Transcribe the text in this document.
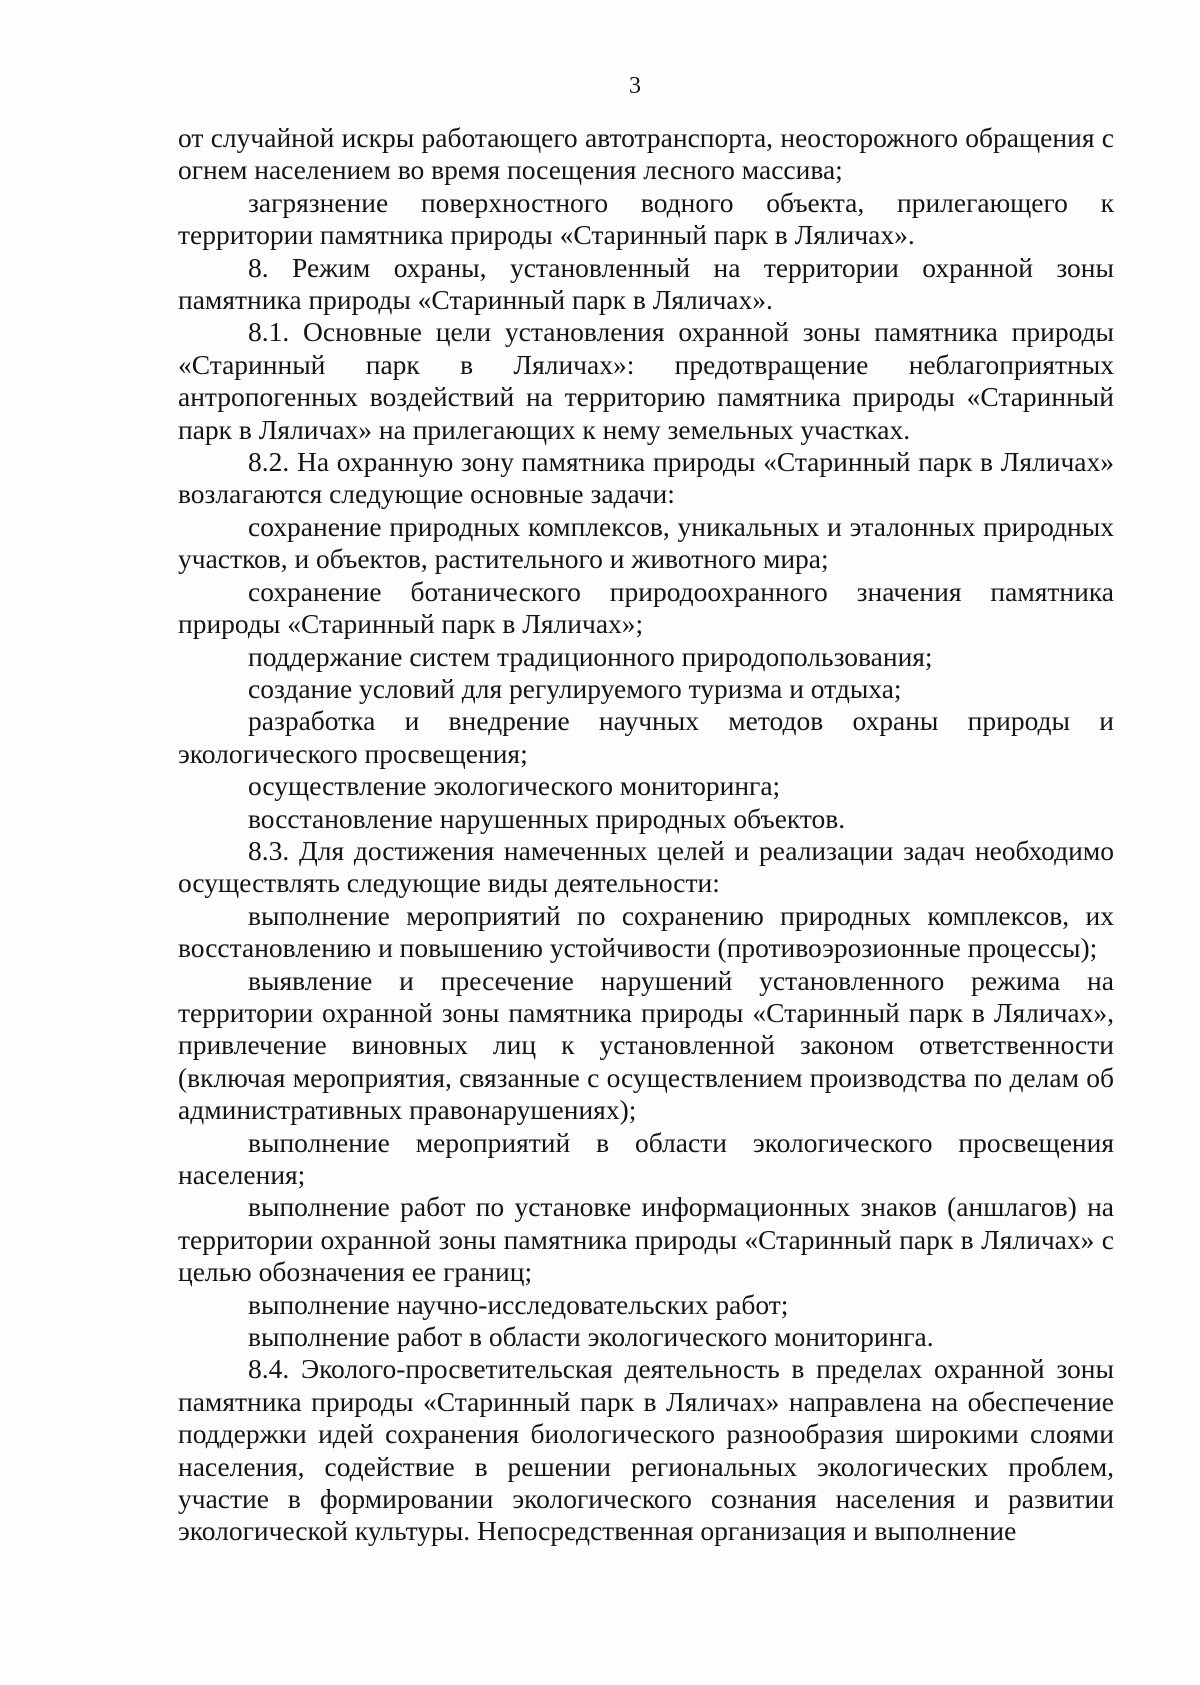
3

от случайной искры работающего автотранспорта, неосторожного обращения с огнем населением во время посещения лесного массива;

загрязнение поверхностного водного объекта, прилегающего к территории памятника природы «Старинный парк в Ляличах».

8. Режим охраны, установленный на территории охранной зоны памятника природы «Старинный парк в Ляличах».

8.1. Основные цели установления охранной зоны памятника природы «Старинный парк в Ляличах»: предотвращение неблагоприятных антропогенных воздействий на территорию памятника природы «Старинный парк в Ляличах» на прилегающих к нему земельных участках.

8.2. На охранную зону памятника природы «Старинный парк в Ляличах» возлагаются следующие основные задачи:

сохранение природных комплексов, уникальных и эталонных природных участков, и объектов, растительного и животного мира;

сохранение ботанического природоохранного значения памятника природы «Старинный парк в Ляличах»;

поддержание систем традиционного природопользования;

создание условий для регулируемого туризма и отдыха;

разработка и внедрение научных методов охраны природы и экологического просвещения;

осуществление экологического мониторинга;

восстановление нарушенных природных объектов.

8.3. Для достижения намеченных целей и реализации задач необходимо осуществлять следующие виды деятельности:

выполнение мероприятий по сохранению природных комплексов, их восстановлению и повышению устойчивости (противоэрозионные процессы);

выявление и пресечение нарушений установленного режима на территории охранной зоны памятника природы «Старинный парк в Ляличах», привлечение виновных лиц к установленной законом ответственности (включая мероприятия, связанные с осуществлением производства по делам об административных правонарушениях);

выполнение мероприятий в области экологического просвещения населения;

выполнение работ по установке информационных знаков (аншлагов) на территории охранной зоны памятника природы «Старинный парк в Ляличах» с целью обозначения ее границ;

выполнение научно-исследовательских работ;

выполнение работ в области экологического мониторинга.

8.4. Эколого-просветительская деятельность в пределах охранной зоны памятника природы «Старинный парк в Ляличах» направлена на обеспечение поддержки идей сохранения биологического разнообразия широкими слоями населения, содействие в решении региональных экологических проблем, участие в формировании экологического сознания населения и развитии экологической культуры. Непосредственная организация и выполнение
